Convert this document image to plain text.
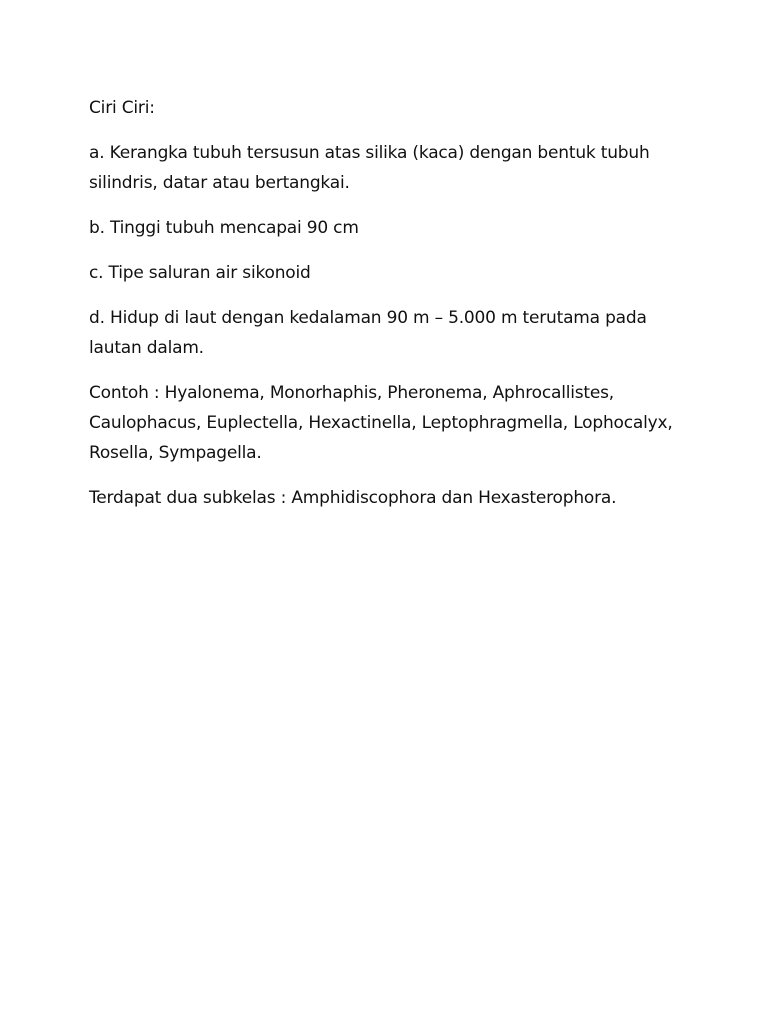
Ciri Ciri:

a. Kerangka tubuh tersusun atas silika (kaca) dengan bentuk tubuh silindris, datar atau bertangkai.

b. Tinggi tubuh mencapai 90 cm

c. Tipe saluran air sikonoid

d. Hidup di laut dengan kedalaman 90 m – 5.000 m terutama pada lautan dalam.

Contoh : Hyalonema, Monorhaphis, Pheronema, Aphrocallistes, Caulophacus, Euplectella, Hexactinella, Leptophragmella, Lophocalyx, Rosella, Sympagella.

Terdapat dua subkelas : Amphidiscophora dan Hexasterophora.
